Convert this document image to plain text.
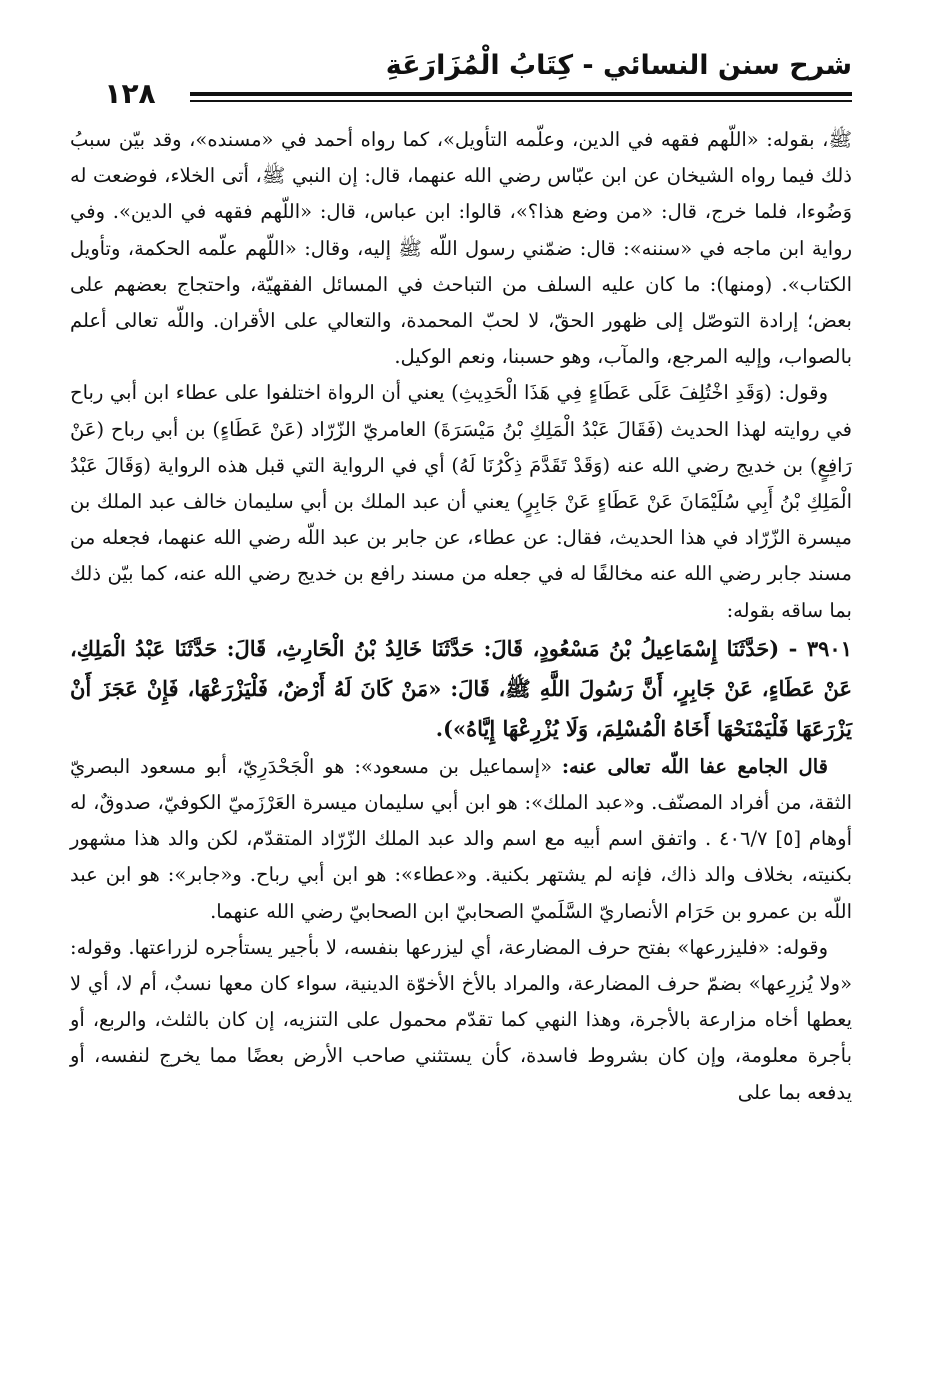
شرح سنن النسائي - كِتَابُ الْمُزَارَعَةِ
١٢٨

ﷺ، بقوله: «اللّهم فقهه في الدين، وعلّمه التأويل»، كما رواه أحمد في «مسنده»، وقد بيّن سببُ ذلك فيما رواه الشيخان عن ابن عبّاس رضي الله عنهما، قال: إن النبي ﷺ، أتى الخلاء، فوضعت له وَضُوءا، فلما خرج، قال: «من وضع هذا؟»، قالوا: ابن عباس، قال: «اللّهم فقهه في الدين». وفي رواية ابن ماجه في «سننه»: قال: ضمّني رسول اللّه ﷺ إليه، وقال: «اللّهم علّمه الحكمة، وتأويل الكتاب». (ومنها): ما كان عليه السلف من التباحث في المسائل الفقهيّة، واحتجاج بعضهم على بعض؛ إرادة التوصّل إلى ظهور الحقّ، لا لحبّ المحمدة، والتعالي على الأقران. واللّه تعالى أعلم بالصواب، وإليه المرجع، والمآب، وهو حسبنا، ونعم الوكيل.

وقول: (وَقَدِ اخْتُلِفَ عَلَى عَطَاءٍ فِي هَذَا الْحَدِيثِ) يعني أن الرواة اختلفوا على عطاء ابن أبي رباح في روايته لهذا الحديث (فَقَالَ عَبْدُ الْمَلِكِ بْنُ مَيْسَرَةَ) العامريّ الزّرّاد (عَنْ عَطَاءٍ) بن أبي رباح (عَنْ رَافِعٍ) بن خديج رضي الله عنه (وَقَدْ تَقَدَّمَ ذِكْرُنَا لَهُ) أي في الرواية التي قبل هذه الرواية (وَقَالَ عَبْدُ الْمَلِكِ بْنُ أَبِي سُلَيْمَانَ عَنْ عَطَاءٍ عَنْ جَابِرٍ) يعني أن عبد الملك بن أبي سليمان خالف عبد الملك بن ميسرة الزّرّاد في هذا الحديث، فقال: عن عطاء، عن جابر بن عبد اللّه رضي الله عنهما، فجعله من مسند جابر رضي الله عنه مخالفًا له في جعله من مسند رافع بن خديج رضي الله عنه، كما بيّن ذلك بما ساقه بقوله:

٣٩٠١ - (حَدَّثَنَا إِسْمَاعِيلُ بْنُ مَسْعُودٍ، قَالَ: حَدَّثَنَا خَالِدُ بْنُ الْحَارِثِ، قَالَ: حَدَّثَنَا عَبْدُ الْمَلِكِ، عَنْ عَطَاءٍ، عَنْ جَابِرٍ، أَنَّ رَسُولَ اللَّهِ ﷺ، قَالَ: «مَنْ كَانَ لَهُ أَرْضٌ، فَلْيَزْرَعْهَا، فَإِنْ عَجَزَ أَنْ يَزْرَعَهَا فَلْيَمْنَحْهَا أَخَاهُ الْمُسْلِمَ، وَلَا يُزْرِعْهَا إِيَّاهُ»).

قال الجامع عفا اللّه تعالى عنه: «إسماعيل بن مسعود»: هو الْجَحْدَرِيّ، أبو مسعود البصريّ الثقة، من أفراد المصنّف. و«عبد الملك»: هو ابن أبي سليمان ميسرة العَرْزَميّ الكوفيّ، صدوقٌ، له أوهام [٥] ٤٠٦/٧ . واتفق اسم أبيه مع اسم والد عبد الملك الزّرّاد المتقدّم، لكن والد هذا مشهور بكنيته، بخلاف والد ذاك، فإنه لم يشتهر بكنية. و«عطاء»: هو ابن أبي رباح. و«جابر»: هو ابن عبد اللّه بن عمرو بن حَرَام الأنصاريّ السَّلَميّ الصحابيّ ابن الصحابيّ رضي الله عنهما.

وقوله: «فليزرعها» بفتح حرف المضارعة، أي ليزرعها بنفسه، لا بأجير يستأجره لزراعتها. وقوله: «ولا يُزرِعها» بضمّ حرف المضارعة، والمراد بالأخ الأخوّة الدينية، سواء كان معها نسبٌ، أم لا، أي لا يعطها أخاه مزارعة بالأجرة، وهذا النهي كما تقدّم محمول على التنزيه، إن كان بالثلث، والربع، أو بأجرة معلومة، وإن كان بشروط فاسدة، كأن يستثني صاحب الأرض بعضًا مما يخرج لنفسه، أو يدفعه بما على
